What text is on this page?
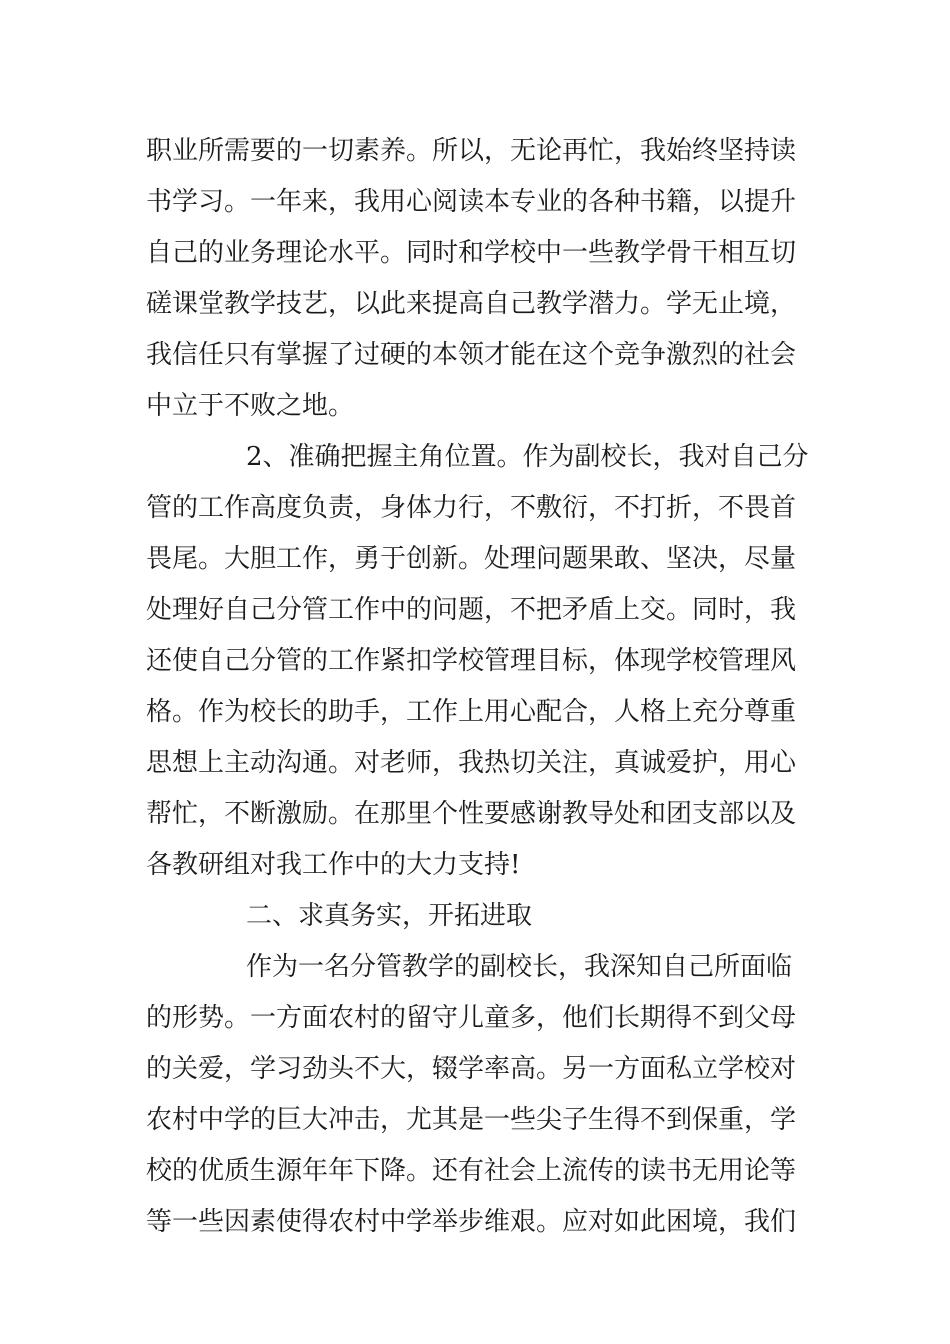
职业所需要的一切素养。所以，无论再忙，我始终坚持读
书学习。一年来，我用心阅读本专业的各种书籍，以提升
自己的业务理论水平。同时和学校中一些教学骨干相互切
磋课堂教学技艺，以此来提高自己教学潜力。学无止境，
我信任只有掌握了过硬的本领才能在这个竞争激烈的社会
中立于不败之地。
2、准确把握主角位置。作为副校长，我对自己分
管的工作高度负责，身体力行，不敷衍，不打折，不畏首
畏尾。大胆工作，勇于创新。处理问题果敢、坚决，尽量
处理好自己分管工作中的问题，不把矛盾上交。同时，我
还使自己分管的工作紧扣学校管理目标，体现学校管理风
格。作为校长的助手，工作上用心配合，人格上充分尊重
思想上主动沟通。对老师，我热切关注，真诚爱护，用心
帮忙，不断激励。在那里个性要感谢教导处和团支部以及
各教研组对我工作中的大力支持!
二、求真务实，开拓进取
作为一名分管教学的副校长，我深知自己所面临
的形势。一方面农村的留守儿童多，他们长期得不到父母
的关爱，学习劲头不大，辍学率高。另一方面私立学校对
农村中学的巨大冲击，尤其是一些尖子生得不到保重，学
校的优质生源年年下降。还有社会上流传的读书无用论等
等一些因素使得农村中学举步维艰。应对如此困境，我们
